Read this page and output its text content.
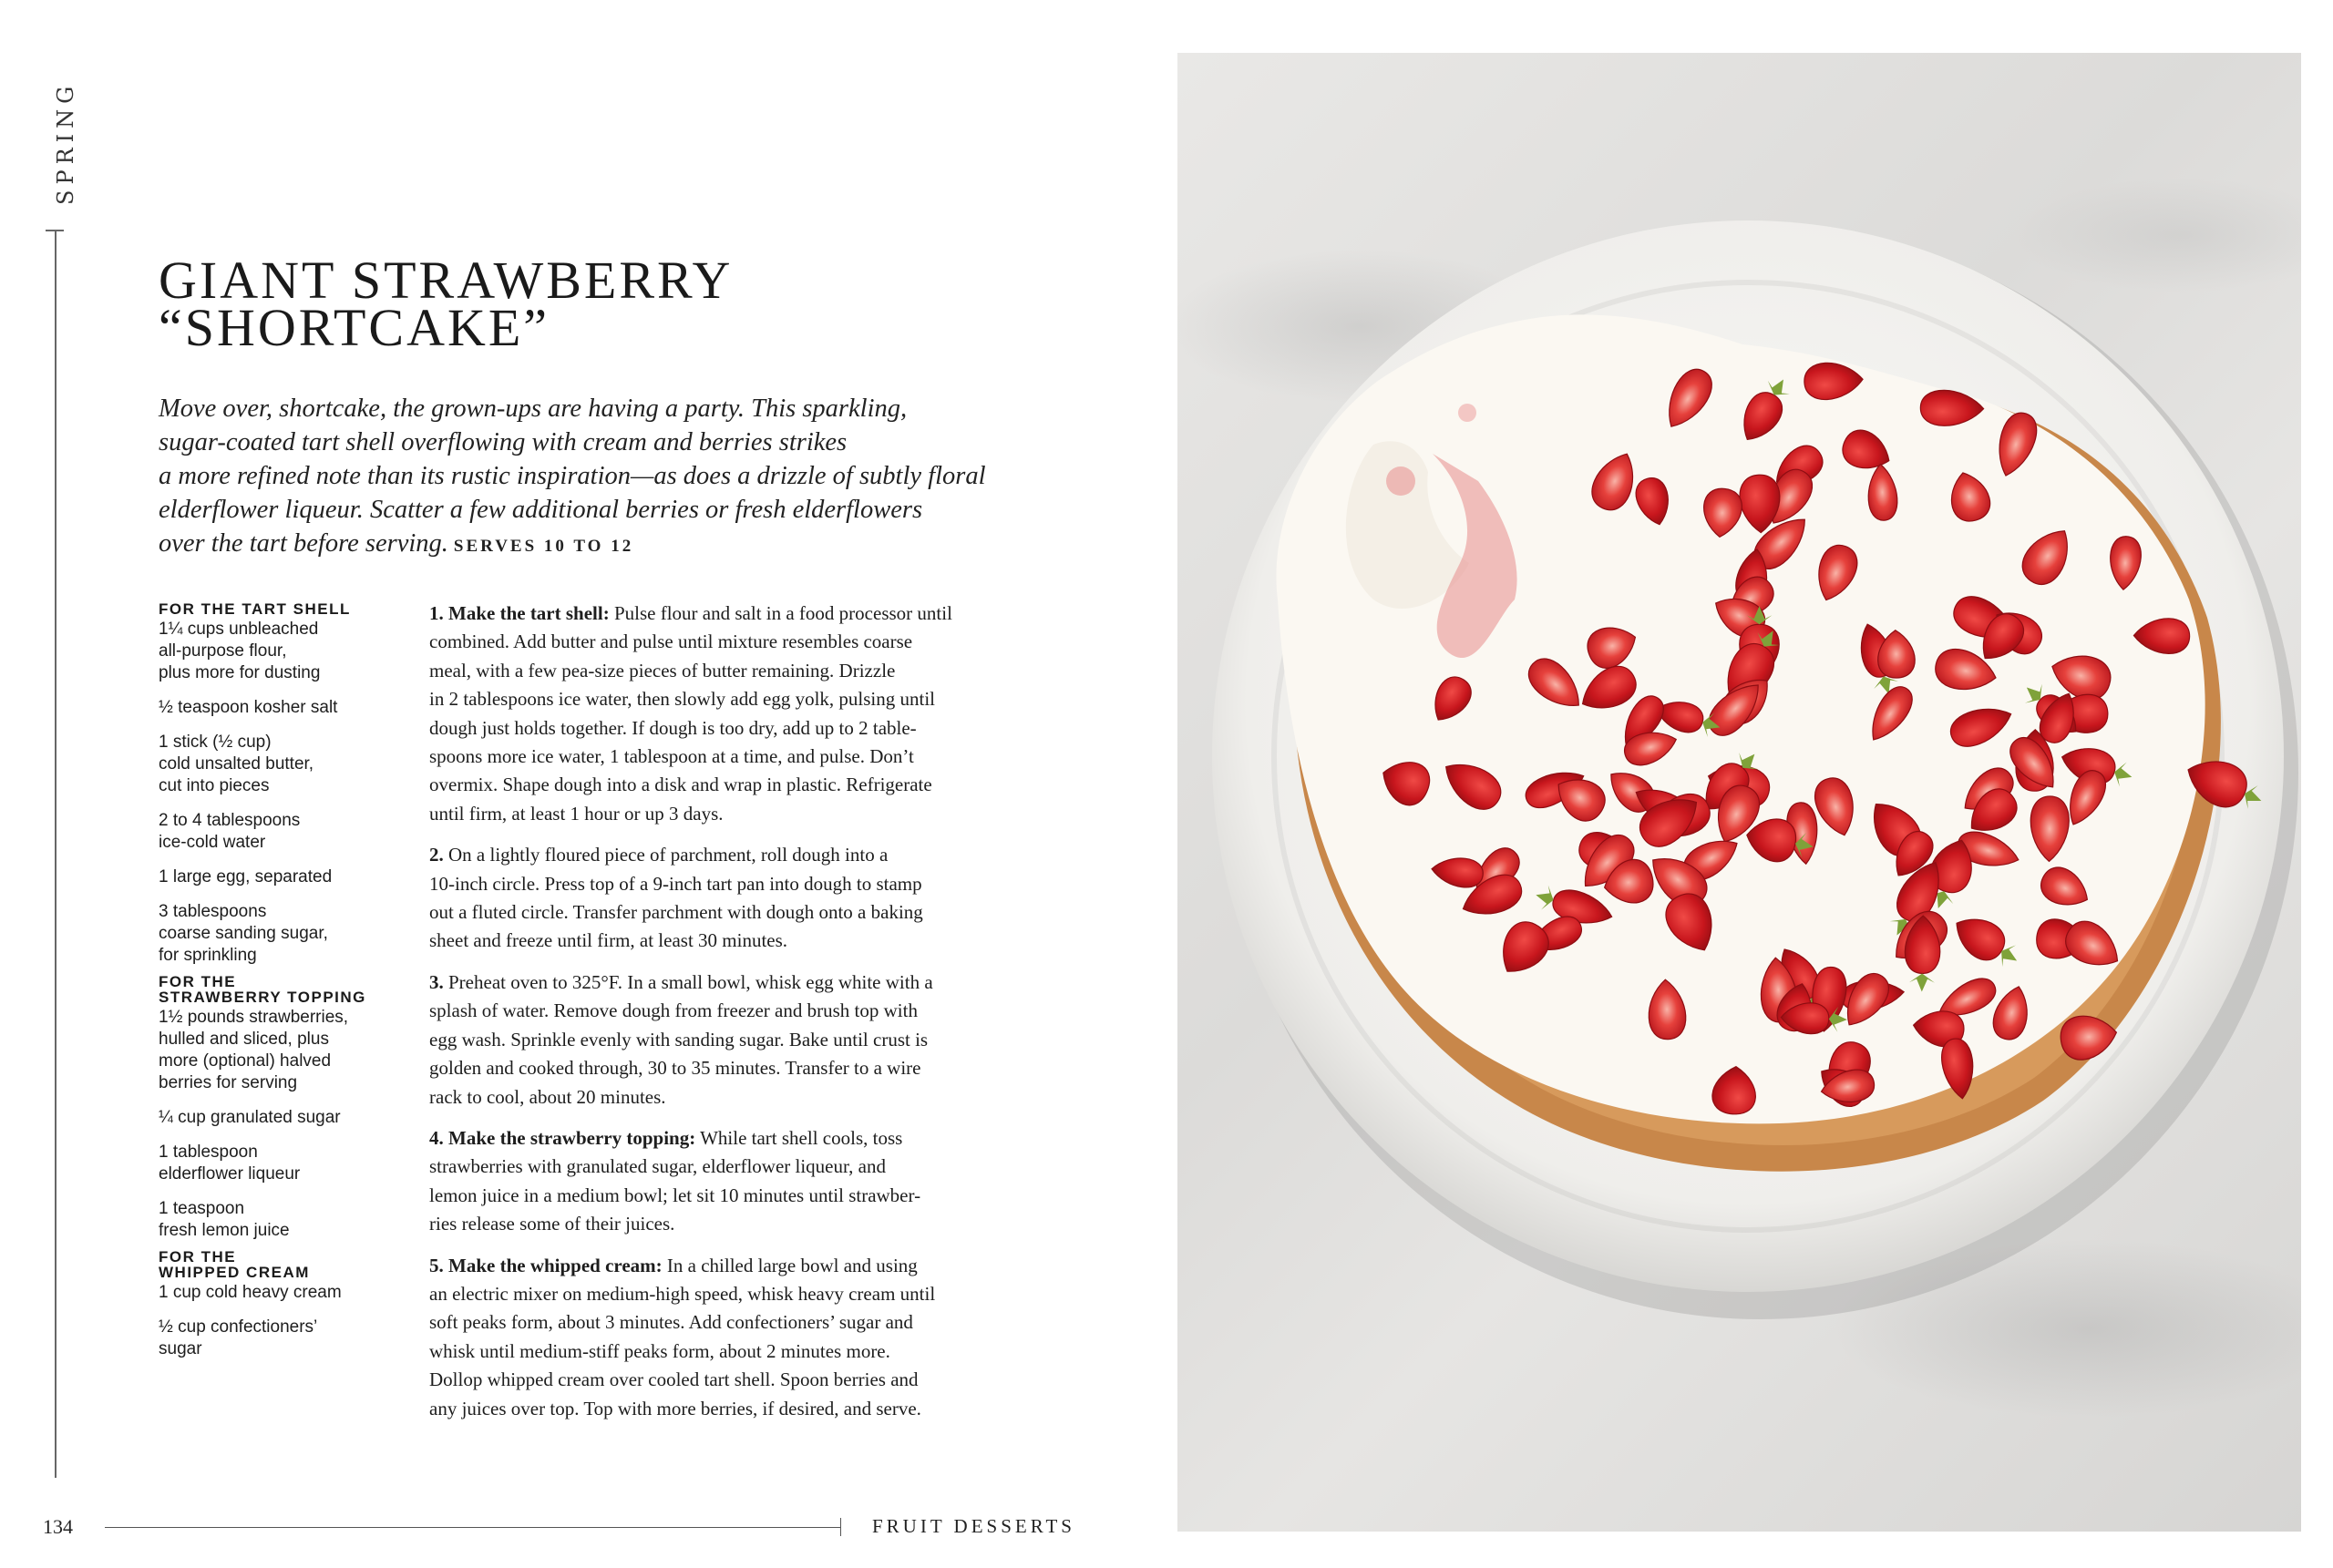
SPRING
GIANT STRAWBERRY
“SHORTCAKE”
Move over, shortcake, the grown-ups are having a party. This sparkling,
sugar-coated tart shell overflowing with cream and berries strikes
a more refined note than its rustic inspiration—as does a drizzle of subtly floral
elderflower liqueur. Scatter a few additional berries or fresh elderflowers
over the tart before serving. SERVES 10 TO 12
FOR THE TART SHELL
1¼ cups unbleached
all-purpose flour,
plus more for dusting
½ teaspoon kosher salt
1 stick (½ cup)
cold unsalted butter,
cut into pieces
2 to 4 tablespoons
ice-cold water
1 large egg, separated
3 tablespoons
coarse sanding sugar,
for sprinkling
FOR THE
STRAWBERRY TOPPING
1½ pounds strawberries,
hulled and sliced, plus
more (optional) halved
berries for serving
¼ cup granulated sugar
1 tablespoon
elderflower liqueur
1 teaspoon
fresh lemon juice
FOR THE
WHIPPED CREAM
1 cup cold heavy cream
½ cup confectioners’
sugar
1. Make the tart shell: Pulse flour and salt in a food processor until
combined. Add butter and pulse until mixture resembles coarse
meal, with a few pea-size pieces of butter remaining. Drizzle
in 2 tablespoons ice water, then slowly add egg yolk, pulsing until
dough just holds together. If dough is too dry, add up to 2 table-
spoons more ice water, 1 tablespoon at a time, and pulse. Don’t
overmix. Shape dough into a disk and wrap in plastic. Refrigerate
until firm, at least 1 hour or up 3 days.
2. On a lightly floured piece of parchment, roll dough into a
10-inch circle. Press top of a 9-inch tart pan into dough to stamp
out a fluted circle. Transfer parchment with dough onto a baking
sheet and freeze until firm, at least 30 minutes.
3. Preheat oven to 325°F. In a small bowl, whisk egg white with a
splash of water. Remove dough from freezer and brush top with
egg wash. Sprinkle evenly with sanding sugar. Bake until crust is
golden and cooked through, 30 to 35 minutes. Transfer to a wire
rack to cool, about 20 minutes.
4. Make the strawberry topping: While tart shell cools, toss
strawberries with granulated sugar, elderflower liqueur, and
lemon juice in a medium bowl; let sit 10 minutes until strawber-
ries release some of their juices.
5. Make the whipped cream: In a chilled large bowl and using
an electric mixer on medium-high speed, whisk heavy cream until
soft peaks form, about 3 minutes. Add confectioners’ sugar and
whisk until medium-stiff peaks form, about 2 minutes more.
Dollop whipped cream over cooled tart shell. Spoon berries and
any juices over top. Top with more berries, if desired, and serve.
134	FRUIT DESSERTS
